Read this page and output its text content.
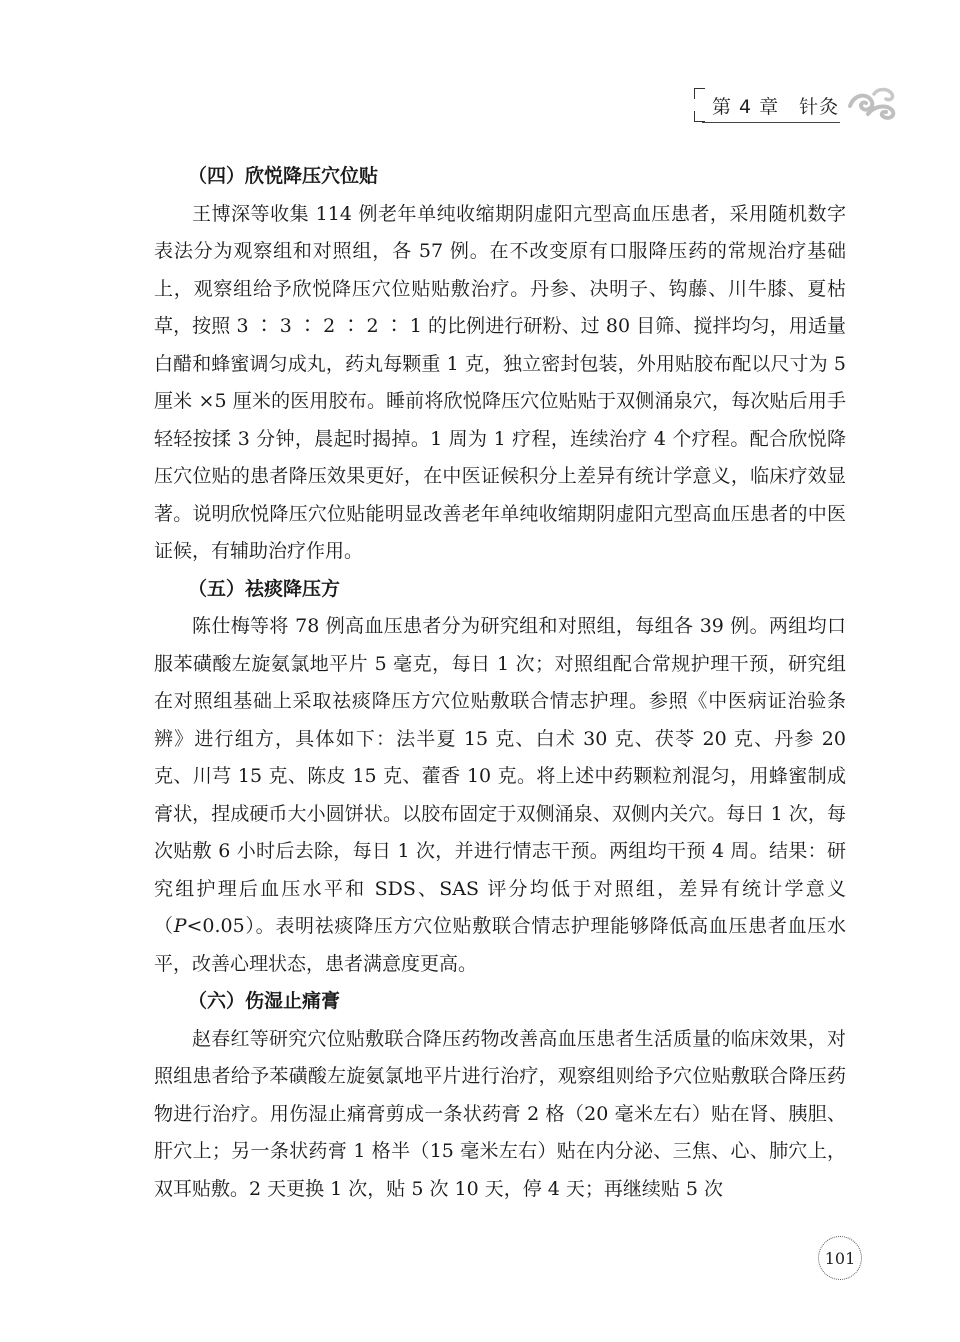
第 4 章　针灸
（四）欣悦降压穴位贴

王博深等收集 114 例老年单纯收缩期阴虚阳亢型高血压患者，采用随机数字表法分为观察组和对照组，各 57 例。在不改变原有口服降压药的常规治疗基础上，观察组给予欣悦降压穴位贴贴敷治疗。丹参、决明子、钩藤、川牛膝、夏枯草，按照 3 ∶ 3 ∶ 2 ∶ 2 ∶ 1 的比例进行研粉、过 80 目筛、搅拌均匀，用适量白醋和蜂蜜调匀成丸，药丸每颗重 1 克，独立密封包装，外用贴胶布配以尺寸为 5 厘米 ×5 厘米的医用胶布。睡前将欣悦降压穴位贴贴于双侧涌泉穴，每次贴后用手轻轻按揉 3 分钟，晨起时揭掉。1 周为 1 疗程，连续治疗 4 个疗程。配合欣悦降压穴位贴的患者降压效果更好，在中医证候积分上差异有统计学意义，临床疗效显著。说明欣悦降压穴位贴能明显改善老年单纯收缩期阴虚阳亢型高血压患者的中医证候，有辅助治疗作用。

（五）祛痰降压方

陈仕梅等将 78 例高血压患者分为研究组和对照组，每组各 39 例。两组均口服苯磺酸左旋氨氯地平片 5 毫克，每日 1 次；对照组配合常规护理干预，研究组在对照组基础上采取祛痰降压方穴位贴敷联合情志护理。参照《中医病证治验条辨》进行组方，具体如下：法半夏 15 克、白术 30 克、茯苓 20 克、丹参 20 克、川芎 15 克、陈皮 15 克、藿香 10 克。将上述中药颗粒剂混匀，用蜂蜜制成膏状，捏成硬币大小圆饼状。以胶布固定于双侧涌泉、双侧内关穴。每日 1 次，每次贴敷 6 小时后去除，每日 1 次，并进行情志干预。两组均干预 4 周。结果：研究组护理后血压水平和 SDS、SAS 评分均低于对照组，差异有统计学意义（P<0.05）。表明祛痰降压方穴位贴敷联合情志护理能够降低高血压患者血压水平，改善心理状态，患者满意度更高。

（六）伤湿止痛膏

赵春红等研究穴位贴敷联合降压药物改善高血压患者生活质量的临床效果，对照组患者给予苯磺酸左旋氨氯地平片进行治疗，观察组则给予穴位贴敷联合降压药物进行治疗。用伤湿止痛膏剪成一条状药膏 2 格（20 毫米左右）贴在肾、胰胆、肝穴上；另一条状药膏 1 格半（15 毫米左右）贴在内分泌、三焦、心、肺穴上，双耳贴敷。2 天更换 1 次，贴 5 次 10 天，停 4 天；再继续贴 5 次

101
